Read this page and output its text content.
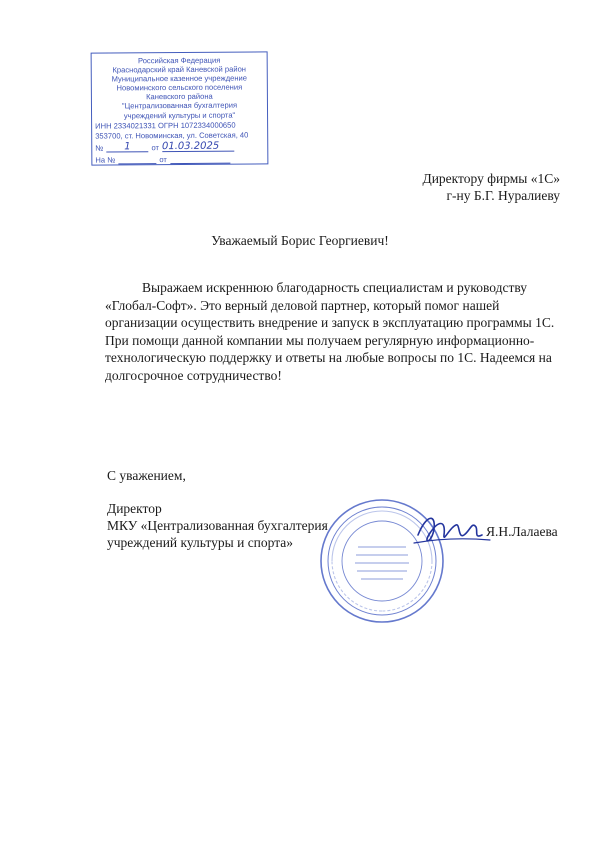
Российская Федерация
Краснодарский край Каневской район
Муниципальное казенное учреждение
Новоминского сельского поселения
Каневского района
"Централизованная бухгалтерия
учреждений культуры и спорта"
ИНН 2334021331 ОГРН 1072334000650
353700, ст. Новоминская, ул. Советская, 40
№	1	от 01.03.2025
На №	от
Директору фирмы «1С»
г-ну Б.Г. Нуралиеву
Уважаемый Борис Георгиевич!

Выражаем искреннюю благодарность специалистам и руководству «Глобал-Софт». Это верный деловой партнер, который помог нашей организации осуществить внедрение и запуск в эксплуатацию программы 1С. При помощи данной компании мы получаем регулярную информационно-технологическую поддержку и ответы на любые вопросы по 1С. Надеемся на долгосрочное сотрудничество!

С уважением,
Директор
МКУ «Централизованная бухгалтерия
учреждений культуры и спорта»
Я.Н.Лалаева
